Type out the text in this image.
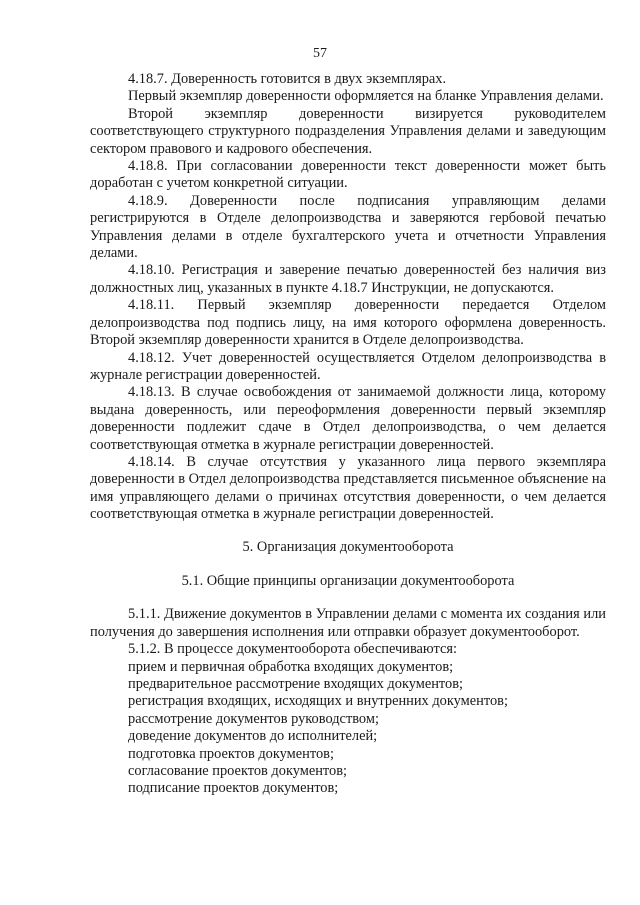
57

4.18.7. Доверенность готовится в двух экземплярах.

Первый экземпляр доверенности оформляется на бланке Управления делами.

Второй экземпляр доверенности визируется руководителем соответствующего структурного подразделения Управления делами и заведующим сектором правового и кадрового обеспечения.

4.18.8. При согласовании доверенности текст доверенности может быть доработан с учетом конкретной ситуации.

4.18.9. Доверенности после подписания управляющим делами регистрируются в Отделе делопроизводства и заверяются гербовой печатью Управления делами в отделе бухгалтерского учета и отчетности Управления делами.

4.18.10. Регистрация и заверение печатью доверенностей без наличия виз должностных лиц, указанных в пункте 4.18.7 Инструкции, не допускаются.

4.18.11. Первый экземпляр доверенности передается Отделом делопроизводства под подпись лицу, на имя которого оформлена доверенность. Второй экземпляр доверенности хранится в Отделе делопроизводства.

4.18.12. Учет доверенностей осуществляется Отделом делопроизводства в журнале регистрации доверенностей.

4.18.13. В случае освобождения от занимаемой должности лица, которому выдана доверенность, или переоформления доверенности первый экземпляр доверенности подлежит сдаче в Отдел делопроизводства, о чем делается соответствующая отметка в журнале регистрации доверенностей.

4.18.14. В случае отсутствия у указанного лица первого экземпляра доверенности в Отдел делопроизводства представляется письменное объяснение на имя управляющего делами о причинах отсутствия доверенности, о чем делается соответствующая отметка в журнале регистрации доверенностей.

5. Организация документооборота

5.1. Общие принципы организации документооборота

5.1.1. Движение документов в Управлении делами с момента их создания или получения до завершения исполнения или отправки образует документооборот.

5.1.2. В процессе документооборота обеспечиваются:

прием и первичная обработка входящих документов;

предварительное рассмотрение входящих документов;

регистрация входящих, исходящих и внутренних документов;

рассмотрение документов руководством;

доведение документов до исполнителей;

подготовка проектов документов;

согласование проектов документов;

подписание проектов документов;
